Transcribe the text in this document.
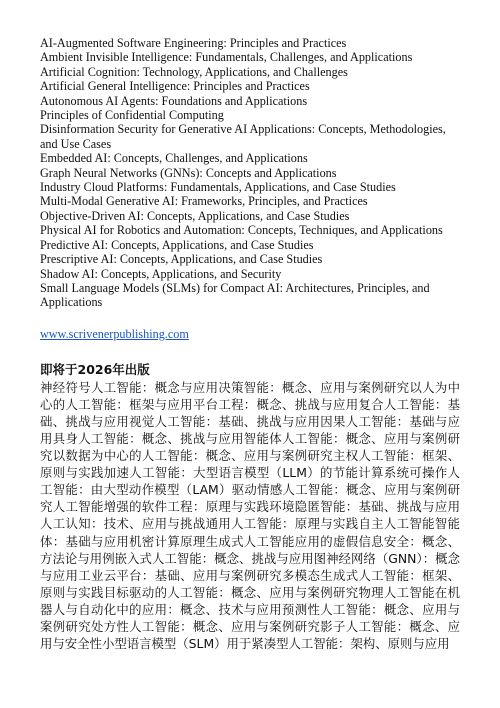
AI-Augmented Software Engineering: Principles and Practices
Ambient Invisible Intelligence: Fundamentals, Challenges, and Applications
Artificial Cognition: Technology, Applications, and Challenges
Artificial General Intelligence: Principles and Practices
Autonomous AI Agents: Foundations and Applications
Principles of Confidential Computing
Disinformation Security for Generative AI Applications: Concepts, Methodologies, and Use Cases
Embedded AI: Concepts, Challenges, and Applications
Graph Neural Networks (GNNs): Concepts and Applications
Industry Cloud Platforms: Fundamentals, Applications, and Case Studies
Multi-Modal Generative AI: Frameworks, Principles, and Practices
Objective-Driven AI: Concepts, Applications, and Case Studies
Physical AI for Robotics and Automation: Concepts, Techniques, and Applications
Predictive AI: Concepts, Applications, and Case Studies
Prescriptive AI: Concepts, Applications, and Case Studies
Shadow AI: Concepts, Applications, and Security
Small Language Models (SLMs) for Compact AI: Architectures, Principles, and Applications
www.scrivenerpublishing.com
即将于2026年出版

神经符号人工智能：概念与应用决策智能：概念、应用与案例研究以人为中心的人工智能：框架与应用平台工程：概念、挑战与应用复合人工智能：基础、挑战与应用视觉人工智能：基础、挑战与应用因果人工智能：基础与应用具身人工智能：概念、挑战与应用智能体人工智能：概念、应用与案例研究以数据为中心的人工智能：概念、应用与案例研究主权人工智能：框架、原则与实践加速人工智能：大型语言模型（LLM）的节能计算系统可操作人工智能：由大型动作模型（LAM）驱动情感人工智能：概念、应用与案例研究人工智能增强的软件工程：原理与实践环境隐匿智能：基础、挑战与应用人工认知：技术、应用与挑战通用人工智能：原理与实践自主人工智能智能体：基础与应用机密计算原理生成式人工智能应用的虚假信息安全：概念、方法论与用例嵌入式人工智能：概念、挑战与应用图神经网络（GNN）：概念与应用工业云平台：基础、应用与案例研究多模态生成式人工智能：框架、原则与实践目标驱动的人工智能：概念、应用与案例研究物理人工智能在机器人与自动化中的应用：概念、技术与应用预测性人工智能：概念、应用与案例研究处方性人工智能：概念、应用与案例研究影子人工智能：概念、应用与安全性小型语言模型（SLM）用于紧凑型人工智能：架构、原则与应用
